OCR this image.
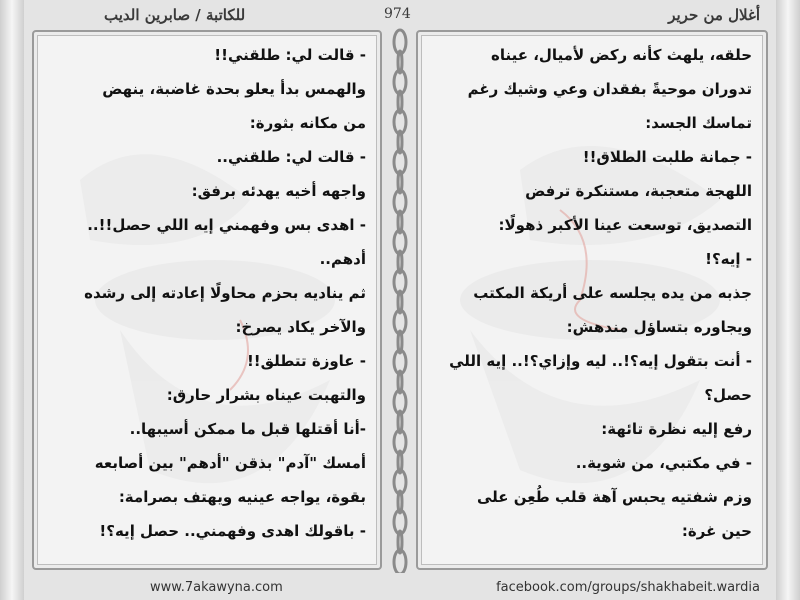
أغلال من حرير
974
للكاتبة / صابرين الديب
حلقه، يلهث كأنه ركض لأميال، عيناه
تدوران موحيةً بفقدان وعي وشيك رغم
تماسك الجسد:
- جمانة طلبت الطلاق!!
اللهجة متعجبة، مستنكرة ترفض
التصديق، توسعت عينا الأكبر ذهولًا:
- إيه؟!
جذبه من يده يجلسه على أريكة المكتب
ويجاوره بتساؤل مندهش:
- أنت بتقول إيه؟!.. ليه وإزاي؟!.. إيه اللي
حصل؟
رفع إليه نظرة تائهة:
- في مكتبي، من شوية..
وزم شفتيه يحبس آهة قلب طُعِن على
حين غرة:
- قالت لي: طلقني!!
والهمس بدأ يعلو بحدة غاضبة، ينهض
من مكانه بثورة:
- قالت لي: طلقني..
واجهه أخيه يهدئه برفق:
- اهدى بس وفهمني إيه اللي حصل!!..
أدهم..
ثم يناديه بحزم محاولًا إعادته إلى رشده
والآخر يكاد يصرخ:
- عاوزة تتطلق!!
والتهبت عيناه بشرار حارق:
-أنا أقتلها قبل ما ممكن أسيبها..
أمسك "آدم" بذقن "أدهم" بين أصابعه
بقوة، يواجه عينيه ويهتف بصرامة:
- باقولك اهدى وفهمني.. حصل إيه؟!
www.7akawyna.com	facebook.com/groups/shakhabeit.wardia
